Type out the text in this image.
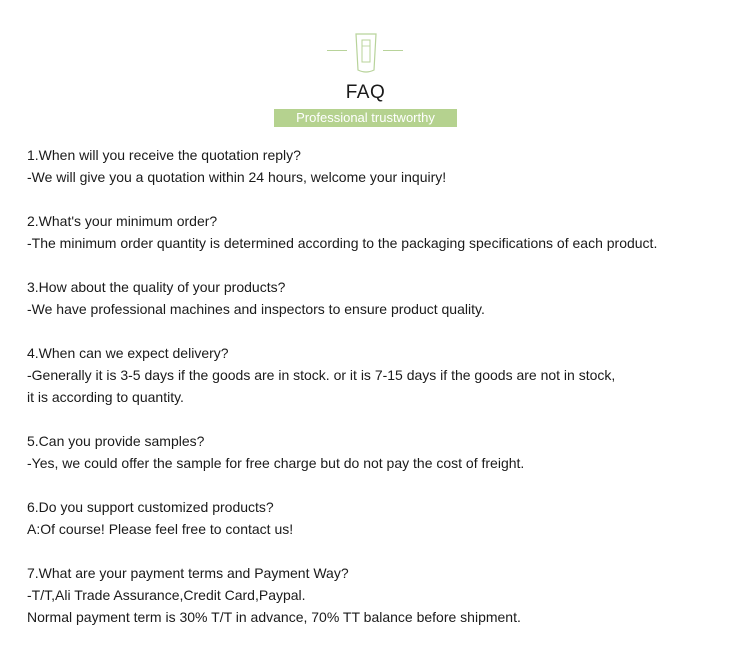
FAQ
Professional trustworthy

1.When will you receive the quotation reply?

-We will give you a quotation within 24 hours, welcome your inquiry!

2.What's your minimum order?

-The minimum order quantity is determined according to the packaging specifications of each product.

3.How about the quality of your products?

-We have professional machines and inspectors to ensure product quality.

4.When can we expect delivery?

-Generally it is 3-5 days if the goods are in stock. or it is 7-15 days if the goods are not in stock,

it is according to quantity.

5.Can you provide samples?

-Yes, we could offer the sample for free charge but do not pay the cost of freight.

6.Do you support customized products?

A:Of course! Please feel free to contact us!

7.What are your payment terms and Payment Way?

-T/T,Ali Trade Assurance,Credit Card,Paypal.

Normal payment term is 30% T/T in advance, 70% TT balance before shipment.
